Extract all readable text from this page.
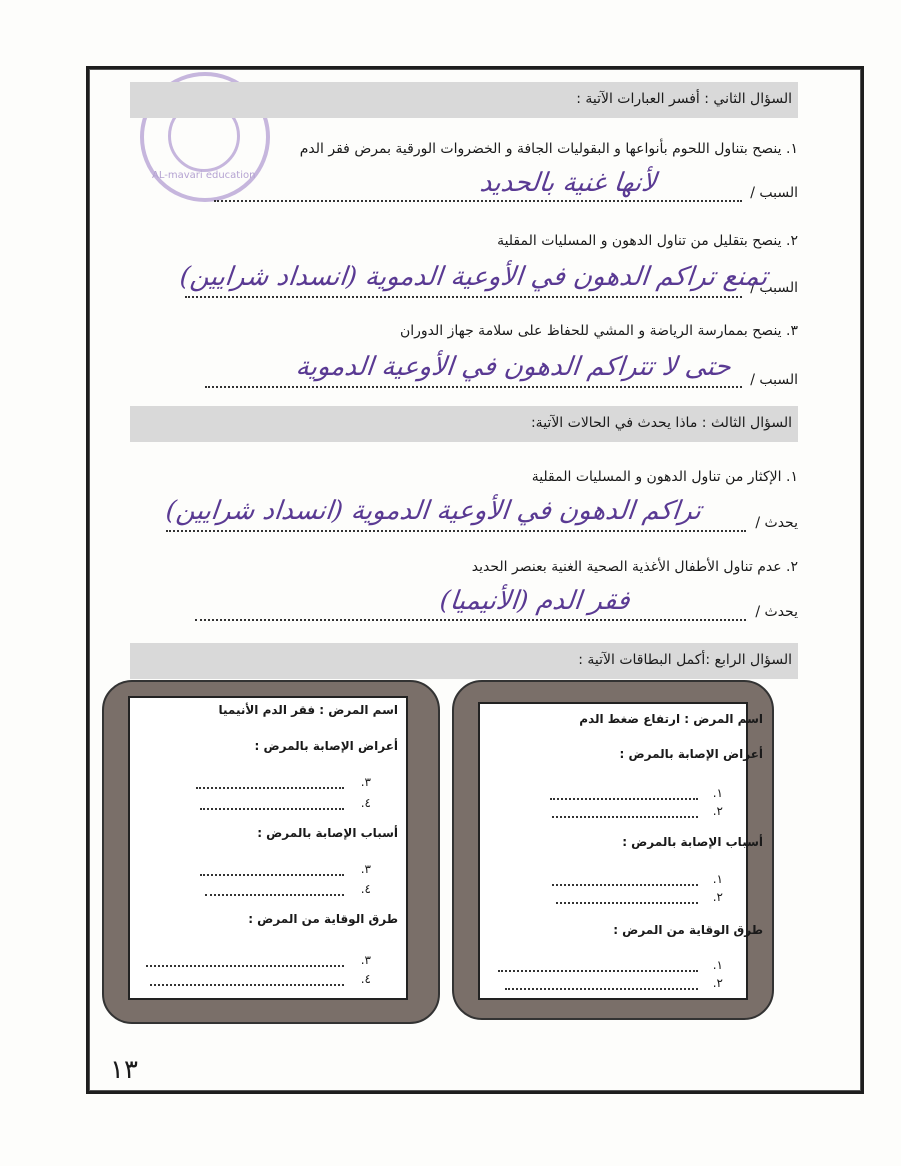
AL-mavari education
السؤال الثاني : أفسر العبارات الآتية :
١. ينصح بتناول اللحوم بأنواعها و البقوليات الجافة و الخضروات الورقية بمرض فقر الدم
السبب /
لأنها غنية بالحديد
٢. ينصح بتقليل من تناول الدهون و المسليات المقلية
السبب /
تمنع تراكم الدهون في الأوعية الدموية (انسداد شرايين)
٣. ينصح بممارسة الرياضة و المشي للحفاظ على سلامة جهاز الدوران
السبب /
حتى لا تتراكم الدهون في الأوعية الدموية
السؤال الثالث : ماذا يحدث في الحالات الآتية:
١. الإكثار من تناول الدهون و المسليات المقلية
يحدث /
تراكم الدهون في الأوعية الدموية (انسداد شرايين)
٢. عدم تناول الأطفال الأغذية الصحية الغنية بعنصر الحديد
يحدث /
فقر الدم (الأنيميا)
السؤال الرابع :أكمل البطاقات الآتية :
اسم المرض : ارتفاع ضغط الدم
أعراض الإصابة بالمرض :
١.
٢.
أسباب الإصابة بالمرض :
١.
٢.
طرق الوقاية من المرض :
١.
٢.
اسم المرض : فقر الدم الأنيميا
أعراض الإصابة بالمرض :
٣.
٤.
أسباب الإصابة بالمرض :
٣.
٤.
طرق الوقاية من المرض :
٣.
٤.
١٣
